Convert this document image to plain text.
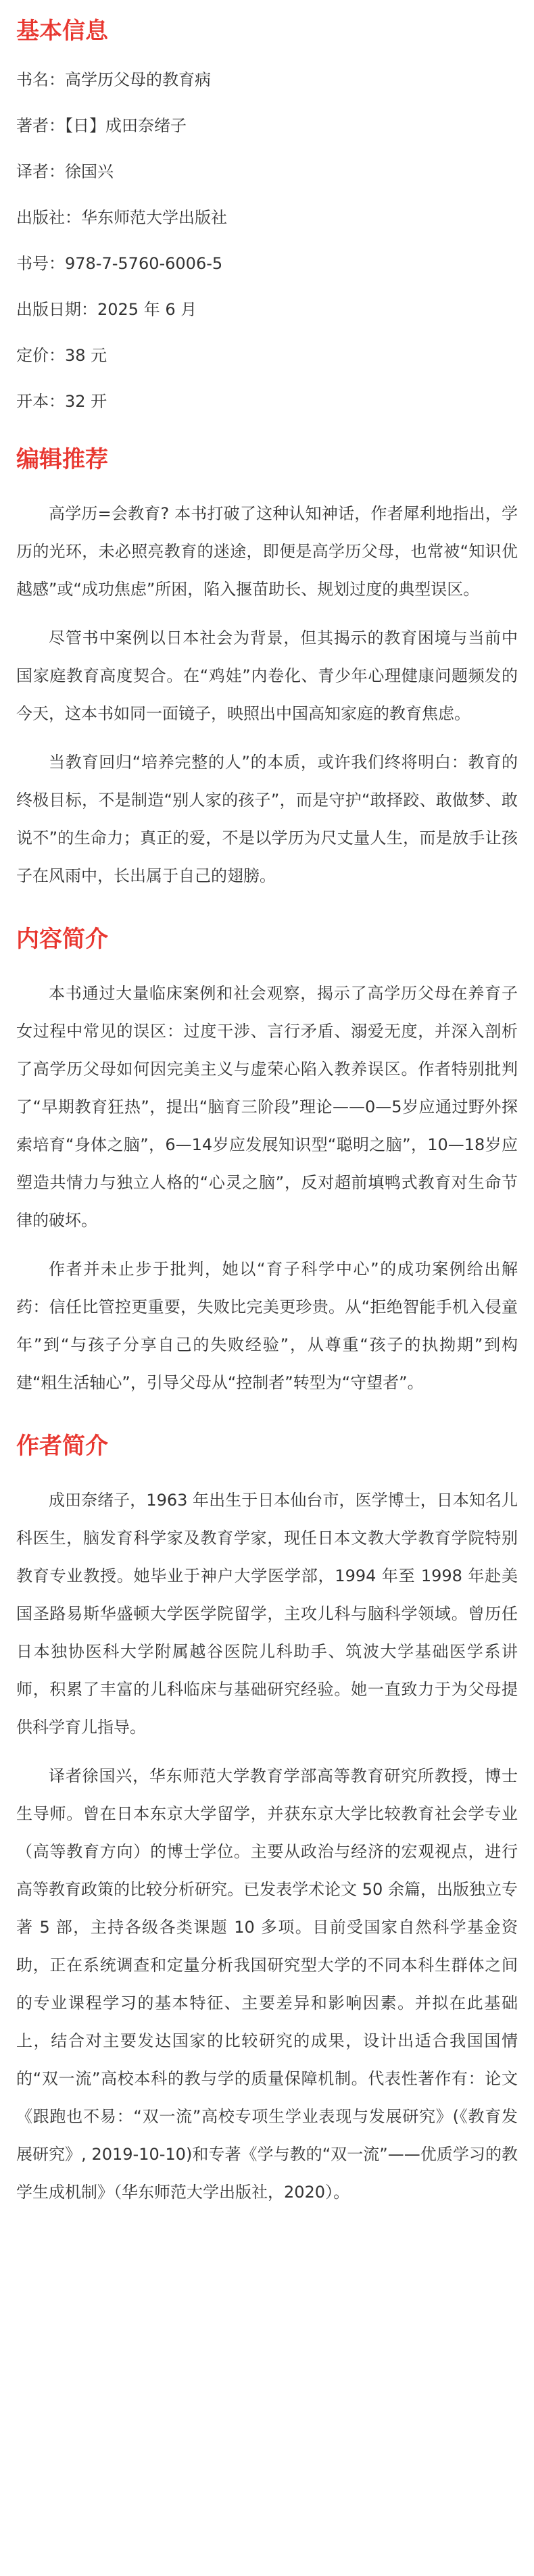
基本信息

书名：高学历父母的教育病

著者：【日】成田奈绪子

译者：徐国兴

出版社：华东师范大学出版社

书号：978-7-5760-6006-5

出版日期：2025 年 6 月

定价：38 元

开本：32 开

编辑推荐

高学历=会教育? 本书打破了这种认知神话，作者犀利地指出，学历的光环，未必照亮教育的迷途，即便是高学历父母，也常被“知识优越感”或“成功焦虑”所困，陷入揠苗助长、规划过度的典型误区。

尽管书中案例以日本社会为背景，但其揭示的教育困境与当前中国家庭教育高度契合。在“鸡娃”内卷化、青少年心理健康问题频发的今天，这本书如同一面镜子，映照出中国高知家庭的教育焦虑。

当教育回归“培养完整的人”的本质，或许我们终将明白：教育的终极目标，不是制造“别人家的孩子”，而是守护“敢择跤、敢做梦、敢说不”的生命力；真正的爱，不是以学历为尺丈量人生，而是放手让孩子在风雨中，长出属于自己的翅膀。

内容简介

本书通过大量临床案例和社会观察，揭示了高学历父母在养育子女过程中常见的误区：过度干涉、言行矛盾、溺爱无度，并深入剖析了高学历父母如何因完美主义与虚荣心陷入教养误区。作者特别批判了“早期教育狂热”，提出“脑育三阶段”理论——0—5岁应通过野外探索培育“身体之脑”，6—14岁应发展知识型“聪明之脑”，10—18岁应塑造共情力与独立人格的“心灵之脑”，反对超前填鸭式教育对生命节律的破坏。

作者并未止步于批判，她以“育子科学中心”的成功案例给出解药：信任比管控更重要，失败比完美更珍贵。从“拒绝智能手机入侵童年”到“与孩子分享自己的失败经验”，从尊重“孩子的执拗期”到构建“粗生活轴心”，引导父母从“控制者”转型为“守望者”。

作者简介

成田奈绪子，1963 年出生于日本仙台市，医学博士，日本知名儿科医生，脑发育科学家及教育学家，现任日本文教大学教育学院特别教育专业教授。她毕业于神户大学医学部，1994 年至 1998 年赴美国圣路易斯华盛顿大学医学院留学，主攻儿科与脑科学领域。曾历任日本独协医科大学附属越谷医院儿科助手、筑波大学基础医学系讲师，积累了丰富的儿科临床与基础研究经验。她一直致力于为父母提供科学育儿指导。

译者徐国兴，华东师范大学教育学部高等教育研究所教授，博士生导师。曾在日本东京大学留学，并获东京大学比较教育社会学专业（高等教育方向）的博士学位。主要从政治与经济的宏观视点，进行高等教育政策的比较分析研究。已发表学术论文 50 余篇，出版独立专著 5 部，主持各级各类课题 10 多项。目前受国家自然科学基金资助，正在系统调查和定量分析我国研究型大学的不同本科生群体之间的专业课程学习的基本特征、主要差异和影响因素。并拟在此基础上，结合对主要发达国家的比较研究的成果，设计出适合我国国情的“双一流”高校本科的教与学的质量保障机制。代表性著作有：论文《跟跑也不易：“双一流”高校专项生学业表现与发展研究》(《教育发展研究》, 2019-10-10)和专著《学与教的“双一流”——优质学习的教学生成机制》（华东师范大学出版社，2020）。
